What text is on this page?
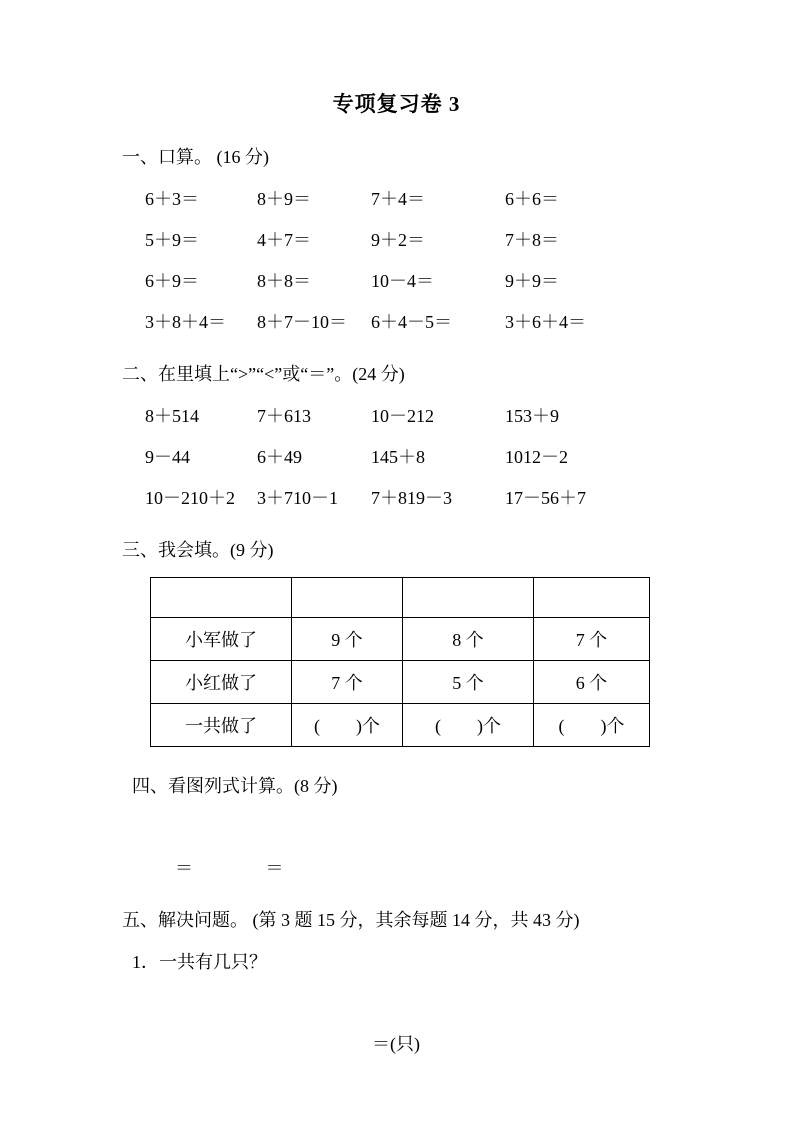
专项复习卷 3
一、口算。 (16 分)
6＋3＝	8＋9＝	7＋4＝	6＋6＝
5＋9＝	4＋7＝	9＋2＝	7＋8＝
6＋9＝	8＋8＝	10－4＝	9＋9＝
3＋8＋4＝	8＋7－10＝	6＋4－5＝	3＋6＋4＝
二、在里填上“>”“<”或“＝”。(24 分)
8＋514	7＋613	10－212	153＋9
9－44	6＋49	145＋8	1012－2
10－210＋2	3＋710－1	7＋819－3	17－56＋7
三、我会填。(9 分)

小军做了	9 个	8 个	7 个
小红做了	7 个	5 个	6 个
一共做了	(　　)个	(　　)个	(　　)个
四、看图列式计算。(8 分)
＝	＝
五、解决问题。 (第 3 题 15 分，其余每题 14 分，共 43 分)
1．一共有几只？
＝(只)
